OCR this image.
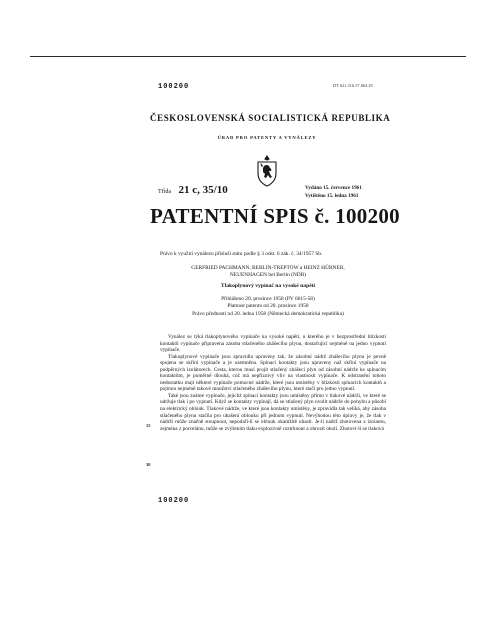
100200	DT 621.316.57.064.45
ČESKOSLOVENSKÁ SOCIALISTICKÁ REPUBLIKA
ÚRAD PRO PATENTY A VYNÁLEZY
Třída 21 c, 35/10	Vydáno 15. července 1961
Vytištěno 15. ledna 1961
PATENTNÍ SPIS č. 100200
Právo k využití vynálezu přísluší státu podle § 3 odst. 6 zák. č. 34/1957 Sb.
GERFRIED PACHMANN, BERLIN-TREPTOW a HEINZ HÜBNER,
NEUENHAGEN bei Berlin (NDR)
Tlakoplynový vypínač na vysoké napětí
Přihlášeno 20. prosince 1958 (PV 6615-58)
Platnost patentu od 20. prosince 1958
Právo přednosti od 20. ledna 1958 (Německá demokratická republika)

Vynález se týká tlakoplynového vypínače na vysoké napětí, u kterého je v bezprostřední blízkosti kontaktů vypínače připravena zásoba stlačeného zhášecího plynu, dostačující nejméně na jedno vypnutí vypínače.

Tlakoplynové vypínače jsou zpravidla upraveny tak, že zásobní nádrž zhášecího plynu je pevně spojena se skříní vypínače a je uzemněna. Spínací kontakty jsou upraveny naž skříní vypínače na podpěrných izolátorech. Cesta, kterou musí projít stlačený zhášecí plyn od zásobní nádrže ke spínacím kontaktům, je poměrně dlouhá, což má nepříznivý vliv na vlastnosti vypínače. K odstranění tohoto nedostatku mají některé vypínače pomocné nádrže, které jsou umístěny v blízkosti spínacích kontaktů a pojmou nejméně takové množství stlačeného zhášecího plynu, které stačí pro jedno vypnutí.

Také jsou známé vypínače, jejichž spínací kontakty jsou umístěny přímo v tlakové nádrži, ve které se udržuje tlak i po vypnutí. Když se kontakty vypínají, dá se stlačený plyn uvolit nádrže do pohybu a působí na elektrický oblouk. Tlakové nádrže, ve které jsou kontakty umístěny, je zpravidla tak veliká, aby zásoba stlačeného plynu stačila pro uhašení oblouku při jednom vypnutí. Nevýhodou této úpravy je, že tlak v nádrži může značně stoupnout, nepodaří-li se oblouk okamžitě uhasit. Je-li nádrž zhotovena z izolantu, zejména z porcelánu, může se zvýšením tlaku explozivně roztrhnout a ohrozit okolí. Zhotoví-li se tlaková

15
30
100200
